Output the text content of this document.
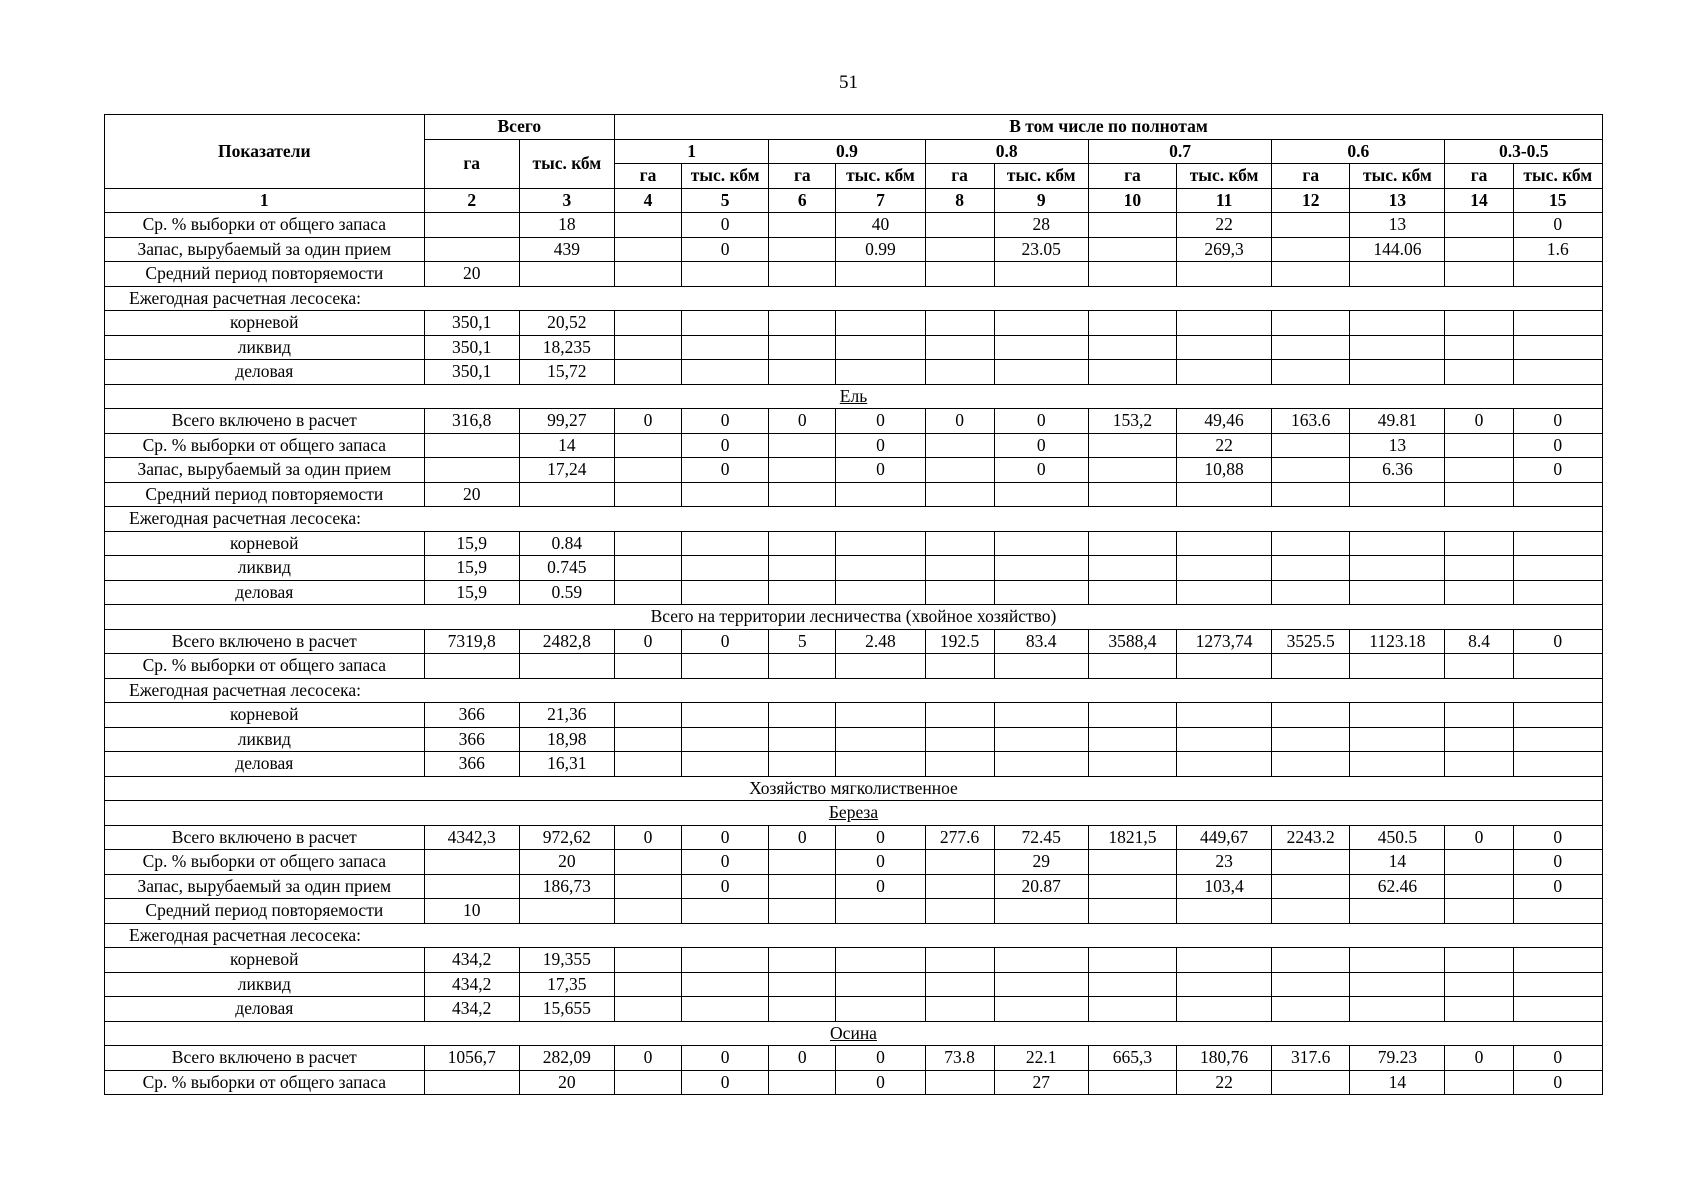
51
Показатели	Всего		В том числе по полнотам											
	га	тыс. кбм	1		0.9		0.8		0.7		0.6		0.3-0.5	
			га	тыс. кбм	га	тыс. кбм	га	тыс. кбм	га	тыс. кбм	га	тыс. кбм	га	тыс. кбм
1	2	3	4	5	6	7	8	9	10	11	12	13	14	15
Ср. % выборки от общего запаса		18		0		40		28		22		13		0
Запас, вырубаемый за один прием		439		0		0.99		23.05		269,3		144.06		1.6
Средний период повторяемости	20													
Ежегодная расчетная лесосека:														
корневой	350,1	20,52												
ликвид	350,1	18,235												
деловая	350,1	15,72												
Ель														
Всего включено в расчет	316,8	99,27	0	0	0	0	0	0	153,2	49,46	163.6	49.81	0	0
Ср. % выборки от общего запаса		14		0		0		0		22		13		0
Запас, вырубаемый за один прием		17,24		0		0		0		10,88		6.36		0
Средний период повторяемости	20													
Ежегодная расчетная лесосека:														
корневой	15,9	0.84												
ликвид	15,9	0.745												
деловая	15,9	0.59												
Всего на территории лесничества (хвойное хозяйство)														
Всего включено в расчет	7319,8	2482,8	0	0	5	2.48	192.5	83.4	3588,4	1273,74	3525.5	1123.18	8.4	0
Ср. % выборки от общего запаса														
Ежегодная расчетная лесосека:														
корневой	366	21,36												
ликвид	366	18,98												
деловая	366	16,31												
Хозяйство мягколиственное														
Береза														
Всего включено в расчет	4342,3	972,62	0	0	0	0	277.6	72.45	1821,5	449,67	2243.2	450.5	0	0
Ср. % выборки от общего запаса		20		0		0		29		23		14		0
Запас, вырубаемый за один прием		186,73		0		0		20.87		103,4		62.46		0
Средний период повторяемости	10													
Ежегодная расчетная лесосека:														
корневой	434,2	19,355												
ликвид	434,2	17,35												
деловая	434,2	15,655												
Осина														
Всего включено в расчет	1056,7	282,09	0	0	0	0	73.8	22.1	665,3	180,76	317.6	79.23	0	0
Ср. % выборки от общего запаса		20		0		0		27		22		14		0
